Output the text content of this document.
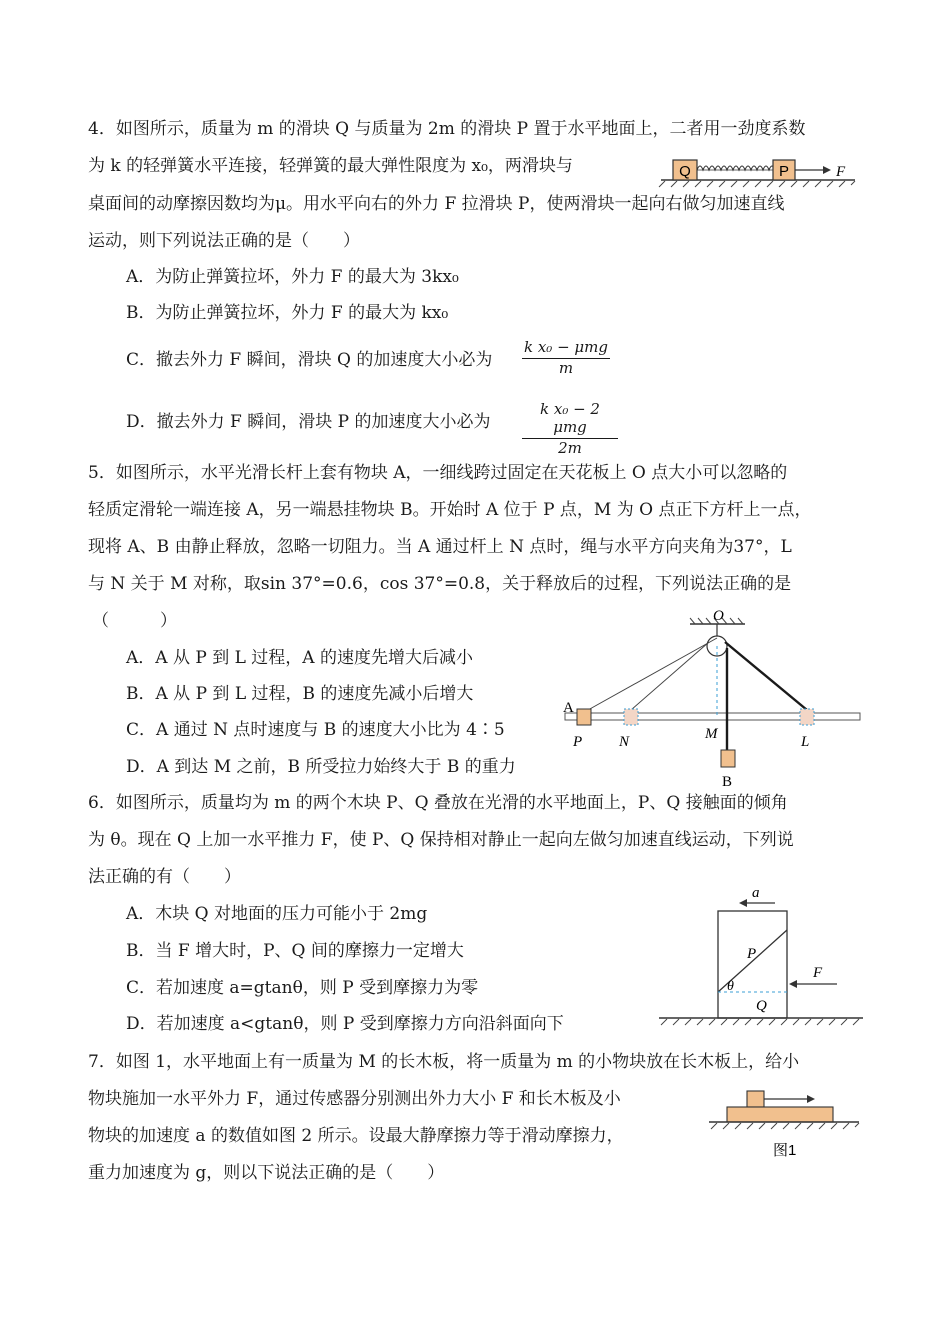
4．如图所示，质量为 m 的滑块 Q 与质量为 2m 的滑块 P 置于水平地面上，二者用一劲度系数
为 k 的轻弹簧水平连接，轻弹簧的最大弹性限度为 x₀，两滑块与
桌面间的动摩擦因数均为μ。用水平向右的外力 F 拉滑块 P，使两滑块一起向右做匀加速直线
运动，则下列说法正确的是（　　）
A．为防止弹簧拉坏，外力 F 的最大为 3kx₀
B．为防止弹簧拉坏，外力 F 的最大为 kx₀
C．撤去外力 F 瞬间，滑块 Q 的加速度大小必为
k x₀ − μmg
m
D．撤去外力 F 瞬间，滑块 P 的加速度大小必为
k x₀ − 2 μmg
2m
Q	P	F
5．如图所示，水平光滑长杆上套有物块 A，一细线跨过固定在天花板上 O 点大小可以忽略的
轻质定滑轮一端连接 A，另一端悬挂物块 B。开始时 A 位于 P 点，M 为 O 点正下方杆上一点，
现将 A、B 由静止释放，忽略一切阻力。当 A 通过杆上 N 点时，绳与水平方向夹角为37°，L
与 N 关于 M 对称，取sin 37°=0.6，cos 37°=0.8，关于释放后的过程，下列说法正确的是
（　　　）
A．A 从 P 到 L 过程，A 的速度先增大后减小
B．A 从 P 到 L 过程，B 的速度先减小后增大
C．A 通过 N 点时速度与 B 的速度大小比为 4∶5
D．A 到达 M 之前，B 所受拉力始终大于 B 的重力
O
A
P N	M	L
B
6．如图所示，质量均为 m 的两个木块 P、Q 叠放在光滑的水平地面上，P、Q 接触面的倾角
为 θ。现在 Q 上加一水平推力 F，使 P、Q 保持相对静止一起向左做匀加速直线运动，下列说
法正确的有（　　）
A．木块 Q 对地面的压力可能小于 2mg
B．当 F 增大时，P、Q 间的摩擦力一定增大
C．若加速度 a=gtanθ，则 P 受到摩擦力为零
D．若加速度 a<gtanθ，则 P 受到摩擦力方向沿斜面向下
a
P
θ
Q
F
7．如图 1，水平地面上有一质量为 M 的长木板，将一质量为 m 的小物块放在长木板上，给小
物块施加一水平外力 F，通过传感器分别测出外力大小 F 和长木板及小
物块的加速度 a 的数值如图 2 所示。设最大静摩擦力等于滑动摩擦力，
重力加速度为 g，则以下说法正确的是（　　）
图1
